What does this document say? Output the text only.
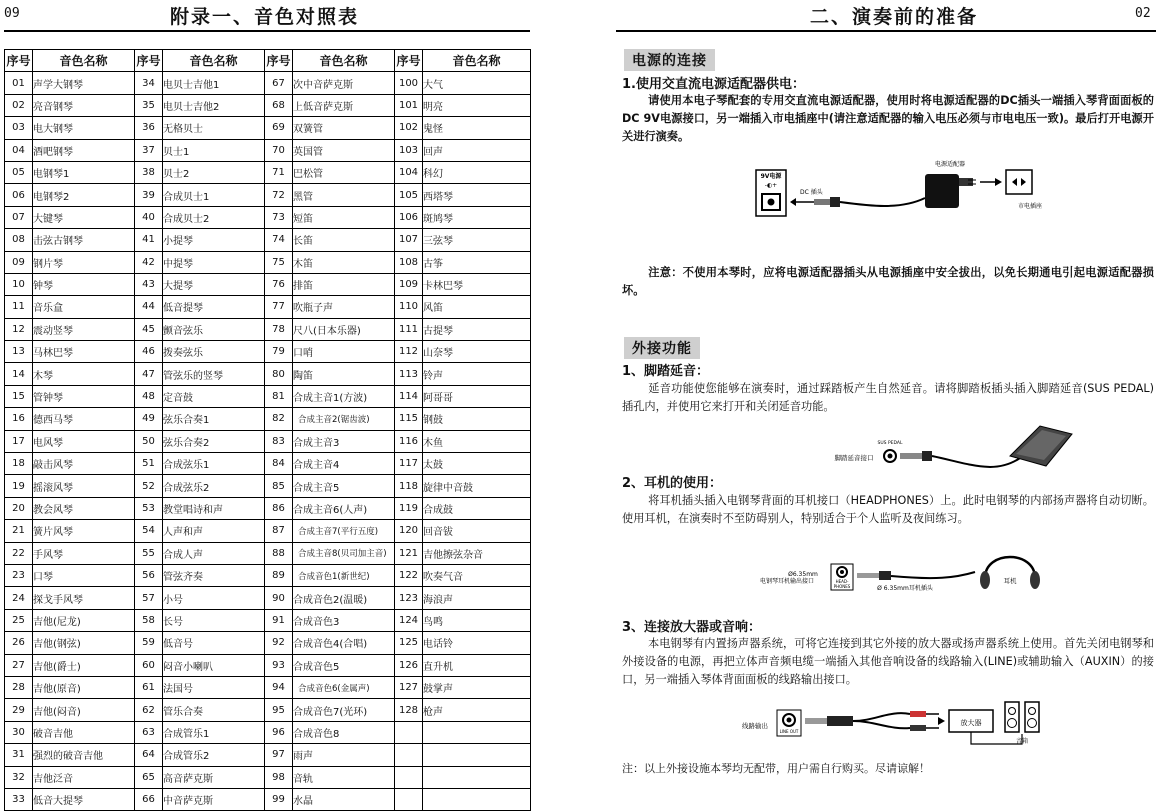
09	附录一、音色对照表
序号	音色名称	序号	音色名称	序号	音色名称	序号	音色名称
01	声学大钢琴	34	电贝士吉他1	67	次中音萨克斯	100	大气
02	亮音钢琴	35	电贝士吉他2	68	上低音萨克斯	101	明亮
03	电大钢琴	36	无格贝士	69	双簧管	102	鬼怪
04	酒吧钢琴	37	贝士1	70	英国管	103	回声
05	电钢琴1	38	贝士2	71	巴松管	104	科幻
06	电钢琴2	39	合成贝士1	72	黑管	105	西塔琴
07	大键琴	40	合成贝士2	73	短笛	106	斑鸠琴
08	击弦古钢琴	41	小提琴	74	长笛	107	三弦琴
09	钢片琴	42	中提琴	75	木笛	108	古筝
10	钟琴	43	大提琴	76	排笛	109	卡林巴琴
11	音乐盒	44	低音提琴	77	吹瓶子声	110	风笛
12	震动竖琴	45	颤音弦乐	78	尺八(日本乐器)	111	古提琴
13	马林巴琴	46	拨奏弦乐	79	口哨	112	山奈琴
14	木琴	47	管弦乐的竖琴	80	陶笛	113	铃声
15	管钟琴	48	定音鼓	81	合成主音1(方波)	114	阿哥哥
16	德西马琴	49	弦乐合奏1	82	合成主音2(锯齿波)	115	钢鼓
17	电风琴	50	弦乐合奏2	83	合成主音3	116	木鱼
18	敲击风琴	51	合成弦乐1	84	合成主音4	117	太鼓
19	摇滚风琴	52	合成弦乐2	85	合成主音5	118	旋律中音鼓
20	教会风琴	53	教堂唱诗和声	86	合成主音6(人声)	119	合成鼓
21	簧片风琴	54	人声和声	87	合成主音7(平行五度)	120	回音钹
22	手风琴	55	合成人声	88	合成主音8(贝司加主音)	121	吉他擦弦杂音
23	口琴	56	管弦齐奏	89	合成音色1(新世纪)	122	吹奏气音
24	探戈手风琴	57	小号	90	合成音色2(温暖)	123	海浪声
25	吉他(尼龙)	58	长号	91	合成音色3	124	鸟鸣
26	吉他(钢弦)	59	低音号	92	合成音色4(合唱)	125	电话铃
27	吉他(爵士)	60	闷音小喇叭	93	合成音色5	126	直升机
28	吉他(原音)	61	法国号	94	合成音色6(金属声)	127	鼓掌声
29	吉他(闷音)	62	管乐合奏	95	合成音色7(光环)	128	枪声
30	破音吉他	63	合成管乐1	96	合成音色8		
31	强烈的破音吉他	64	合成管乐2	97	雨声		
32	吉他泛音	65	高音萨克斯	98	音轨		
33	低音大提琴	66	中音萨克斯	99	水晶		
二、演奏前的准备	02
电源的连接
1.使用交直流电源适配器供电：
请使用本电子琴配套的专用交直流电源适配器，使用时将电源适配器的DC插头一端插入琴背面面板的DC 9V电源接口，另一端插入市电插座中(请注意适配器的输入电压必须与市电电压一致)。最后打开电源开关进行演奏。
9V电源
-◐+
DC 插头
电源适配器
市电插座
注意：不使用本琴时，应将电源适配器插头从电源插座中安全拔出，以免长期通电引起电源适配器损坏。
外接功能
1、脚踏延音：
延音功能使您能够在演奏时，通过踩踏板产生自然延音。请将脚踏板插头插入脚踏延音(SUS PEDAL)插孔内，并使用它来打开和关闭延音功能。
SUS PEDAL
脚踏延音接口
2、耳机的使用：
将耳机插头插入电钢琴背面的耳机接口（HEADPHONES）上。此时电钢琴的内部扬声器将自动切断。使用耳机，在演奏时不至防碍别人，特别适合于个人监听及夜间练习。
Ø6.35mm
电钢琴耳机输出接口	HEAD-
PHONES	Ø 6.35mm耳机插头
耳机
3、连接放大器或音响：
本电钢琴有内置扬声器系统，可将它连接到其它外接的放大器或扬声器系统上使用。首先关闭电钢琴和外接设备的电源，再把立体声音频电缆一端插入其他音响设备的线路输入(LINE)或辅助输入（AUXIN）的接口，另一端插入琴体背面面板的线路输出接口。
线路输出
LINE OUT
放大器
音箱
注：以上外接设施本琴均无配带，用户需自行购买。尽请谅解！
